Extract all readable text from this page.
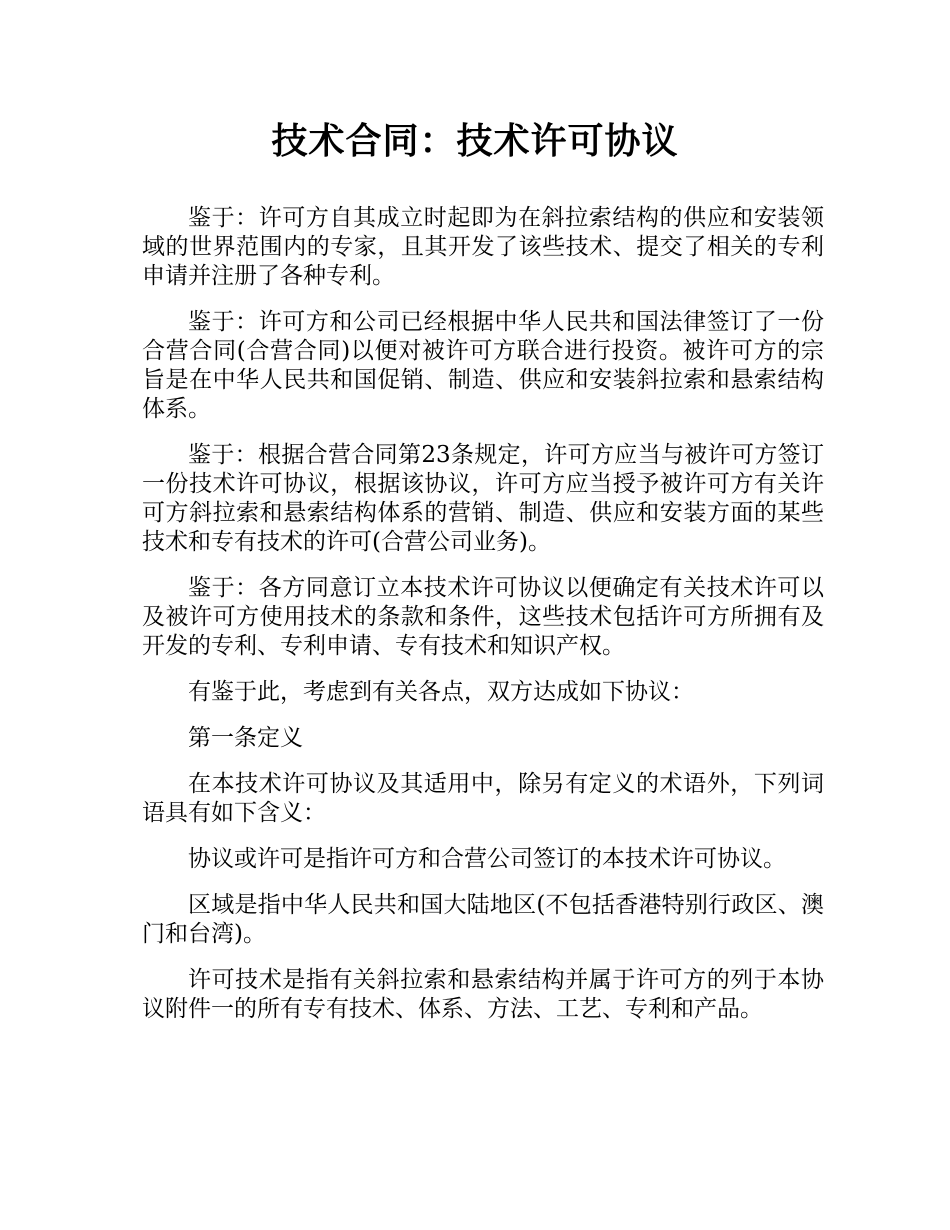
技术合同：技术许可协议

鉴于：许可方自其成立时起即为在斜拉索结构的供应和安装领域的世界范围内的专家，且其开发了该些技术、提交了相关的专利申请并注册了各种专利。

鉴于：许可方和公司已经根据中华人民共和国法律签订了一份合营合同(合营合同)以便对被许可方联合进行投资。被许可方的宗旨是在中华人民共和国促销、制造、供应和安装斜拉索和悬索结构体系。

鉴于：根据合营合同第23条规定，许可方应当与被许可方签订一份技术许可协议，根据该协议，许可方应当授予被许可方有关许可方斜拉索和悬索结构体系的营销、制造、供应和安装方面的某些技术和专有技术的许可(合营公司业务)。

鉴于：各方同意订立本技术许可协议以便确定有关技术许可以及被许可方使用技术的条款和条件，这些技术包括许可方所拥有及开发的专利、专利申请、专有技术和知识产权。

有鉴于此，考虑到有关各点，双方达成如下协议：

第一条定义

在本技术许可协议及其适用中，除另有定义的术语外，下列词语具有如下含义：

协议或许可是指许可方和合营公司签订的本技术许可协议。

区域是指中华人民共和国大陆地区(不包括香港特别行政区、澳门和台湾)。

许可技术是指有关斜拉索和悬索结构并属于许可方的列于本协议附件一的所有专有技术、体系、方法、工艺、专利和产品。
